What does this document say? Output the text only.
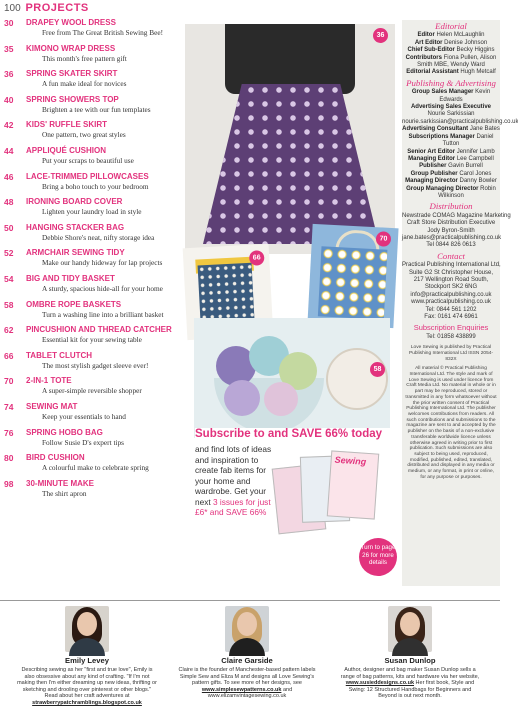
100 PROJECTS
30 DRAPEY WOOL DRESS
Free from The Great British Sewing Bee!
35 KIMONO WRAP DRESS
This month's free pattern gift
36 SPRING SKATER SKIRT
A fun make ideal for novices
40 SPRING SHOWERS TOP
Brighten a tee with our fun templates
42 KIDS' RUFFLE SKIRT
One pattern, two great styles
44 APPLIQUÉ CUSHION
Put your scraps to beautiful use
46 LACE-TRIMMED PILLOWCASES
Bring a boho touch to your bedroom
48 IRONING BOARD COVER
Lighten your laundry load in style
50 HANGING STACKER BAG
Debbie Shore's neat, nifty storage idea
52 ARMCHAIR SEWING TIDY
Make our handy hideway for lap projects
54 BIG AND TIDY BASKET
A sturdy, spacious hide-all for your home
58 OMBRE ROPE BASKETS
Turn a washing line into a brilliant basket
62 PINCUSHION AND THREAD CATCHER
Essential kit for your sewing table
66 TABLET CLUTCH
The most stylish gadget sleeve ever!
70 2-IN-1 TOTE
A super-simple reversible shopper
74 SEWING MAT
Keep your essentials to hand
76 SPRING HOBO BAG
Follow Susie D's expert tips
80 BIRD CUSHION
A colourful make to celebrate spring
98 30-MINUTE MAKE
The shirt apron
36
66
70
58
Subscribe to and SAVE 66% today
and find lots of ideas and inspiration to create fab items for your home and wardrobe. Get your next 3 issues for just £6* and SAVE 66%
Sewing
Turn to page 26 for more details
Editorial
Editor Helen McLaughlin
Art Editor Denise Johnson
Chief Sub-Editor Becky Higgins
Contributors Fiona Pullen, Alison Smith MBE, Wendy Ward
Editorial Assistant Hugh Metcalf
Publishing & Advertising
Group Sales Manager Kevin Edwards
Advertising Sales Executive Nourie Sarkissian nourie.sarkissian@practicalpublishing.co.uk
Advertising Consultant Jane Bates
Subscriptions Manager Daniel Tutton
Senior Art Editor Jennifer Lamb
Managing Editor Lee Campbell
Publisher Gavin Burrell
Group Publisher Carol Jones
Managing Director Danny Bowler
Group Managing Director Robin Wilkinson
Distribution
Newstrade COMAG Magazine Marketing
Craft Store Distribution Executive
Jody Byron-Smith
jane.bates@practicalpublishing.co.uk
Tel 0844 826 0613
Contact
Practical Publishing International Ltd,
Suite G2 St Christopher House,
217 Wellington Road South,
Stockport SK2 6NG
info@practicalpublishing.co.uk
www.practicalpublishing.co.uk
Tel: 0844 561 1202
Fax: 0161 474 6961
Subscription Enquiries
Tel: 01858 438899
Love Sewing is published by Practical Publishing International Ltd ISSN 2054-832X
All material © Practical Publishing International Ltd. The style and mark of Love Sewing is used under licence from Craft Media Ltd. No material in whole or in part may be reproduced, stored or transmitted in any form whatsoever without the prior written consent of Practical Publishing International Ltd. The publisher welcomes contributions from readers. All such contributions and submissions to the magazine are sent to and accepted by the publisher on the basis of a non-exclusive transferable worldwide licence unless otherwise agreed in writing prior to first publication. Such submissions are also subject to being used, reproduced, modified, published, edited, translated, distributed and displayed in any media or medium, or any format, in print or online, for any purpose or purposes.
Emily Levey
Describing sewing as her "first and true love", Emily is also obsessive about any kind of crafting. "If I'm not making then I'm either dreaming up new ideas, thrifting or sketching and drooling over pinterest or other blogs." Read about her craft adventures at strawberrypatchramblings.blogspot.co.uk
Claire Garside
Claire is the founder of Manchester-based pattern labels Simple Sew and Eliza M and designs all Love Sewing's pattern gifts. To see more of her designs, see www.simplesewpatterns.co.uk and www.elizamvintagesewing.co.uk
Susan Dunlop
Author, designer and bag maker Susan Dunlop sells a range of bag patterns, kits and hardware via her website, www.susieddesigns.co.uk Her first book, Style and Swing: 12 Structured Handbags for Beginners and Beyond is out next month.
